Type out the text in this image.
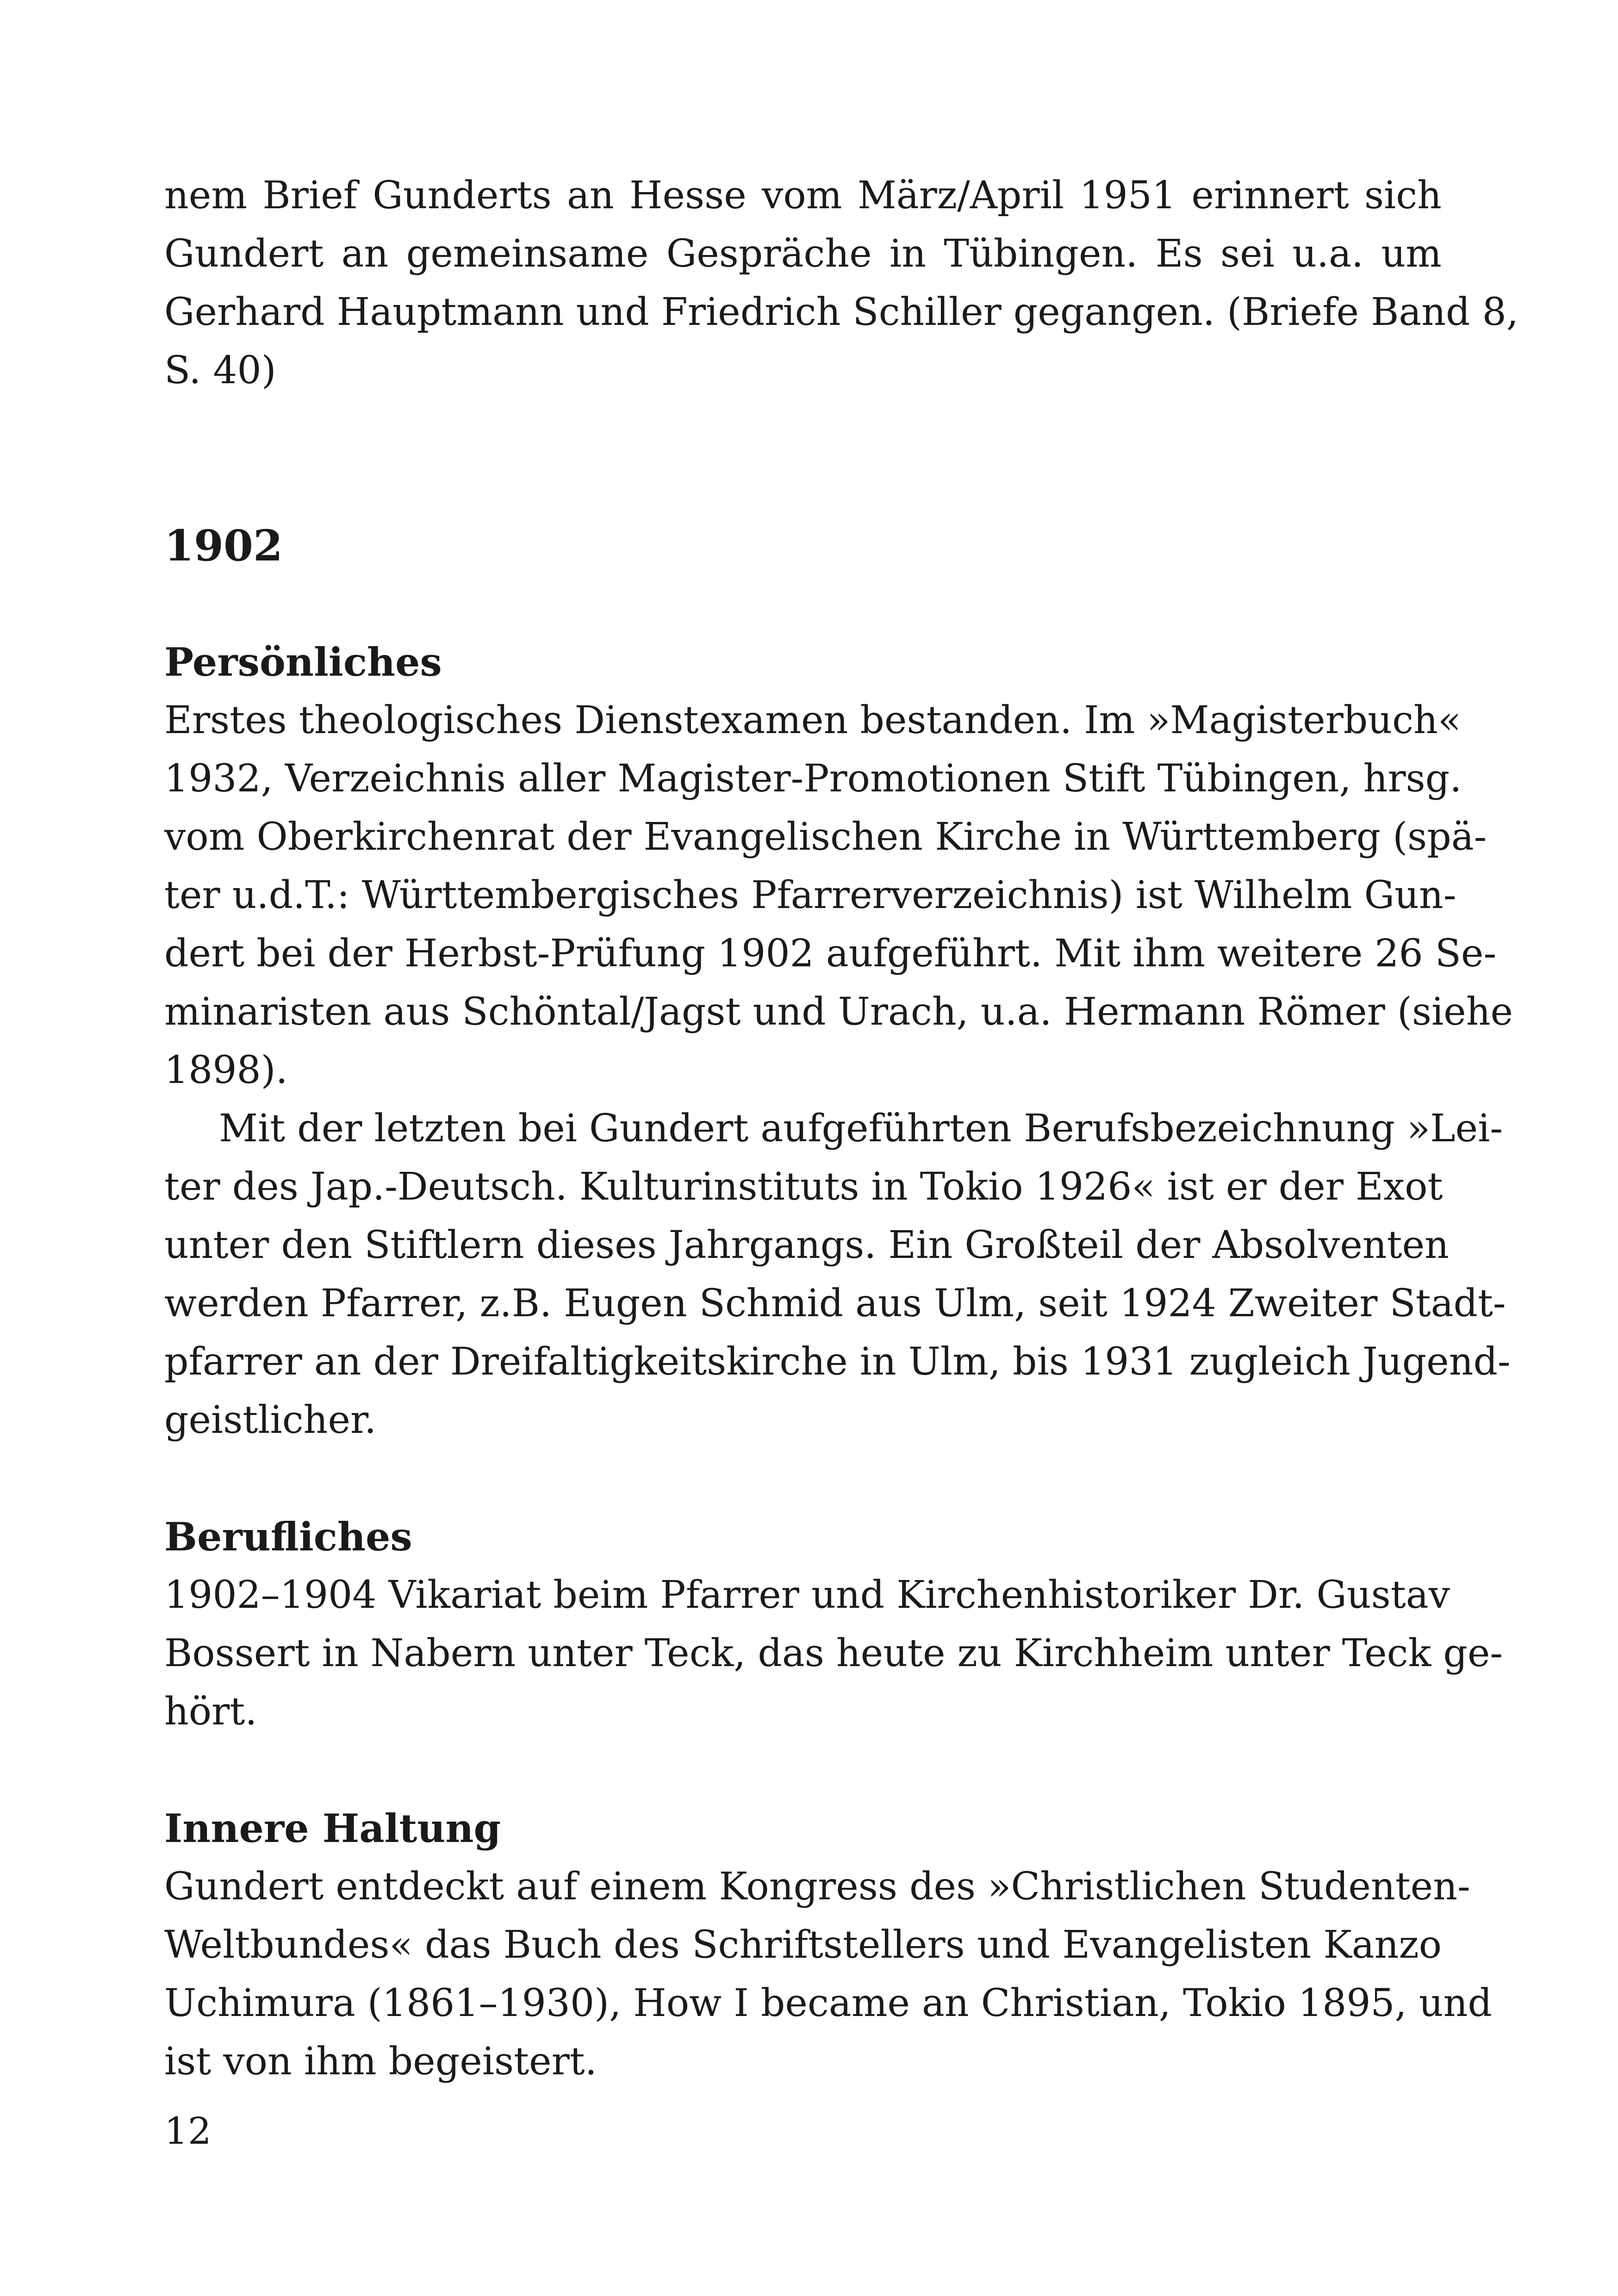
nem Brief Gunderts an Hesse vom März/April 1951 erinnert sich
Gundert an gemeinsame Gespräche in Tübingen. Es sei u.a. um
Gerhard Hauptmann und Friedrich Schiller gegangen. (Briefe Band 8,
S. 40)
1902
Persönliches
Erstes theologisches Dienstexamen bestanden. Im »Magisterbuch«
1932, Verzeichnis aller Magister-Promotionen Stift Tübingen, hrsg.
vom Oberkirchenrat der Evangelischen Kirche in Württemberg (spä-
ter u.d.T.: Württembergisches Pfarrerverzeichnis) ist Wilhelm Gun-
dert bei der Herbst-Prüfung 1902 aufgeführt. Mit ihm weitere 26 Se-
minaristen aus Schöntal/Jagst und Urach, u.a. Hermann Römer (siehe
1898).
Mit der letzten bei Gundert aufgeführten Berufsbezeichnung »Lei-
ter des Jap.-Deutsch. Kulturinstituts in Tokio 1926« ist er der Exot
unter den Stiftlern dieses Jahrgangs. Ein Großteil der Absolventen
werden Pfarrer, z.B. Eugen Schmid aus Ulm, seit 1924 Zweiter Stadt-
pfarrer an der Dreifaltigkeitskirche in Ulm, bis 1931 zugleich Jugend-
geistlicher.
Berufliches
1902–1904 Vikariat beim Pfarrer und Kirchenhistoriker Dr. Gustav
Bossert in Nabern unter Teck, das heute zu Kirchheim unter Teck ge-
hört.
Innere Haltung
Gundert entdeckt auf einem Kongress des »Christlichen Studenten-
Weltbundes« das Buch des Schriftstellers und Evangelisten Kanzo
Uchimura (1861–1930), How I became an Christian, Tokio 1895, und
ist von ihm begeistert.
12
